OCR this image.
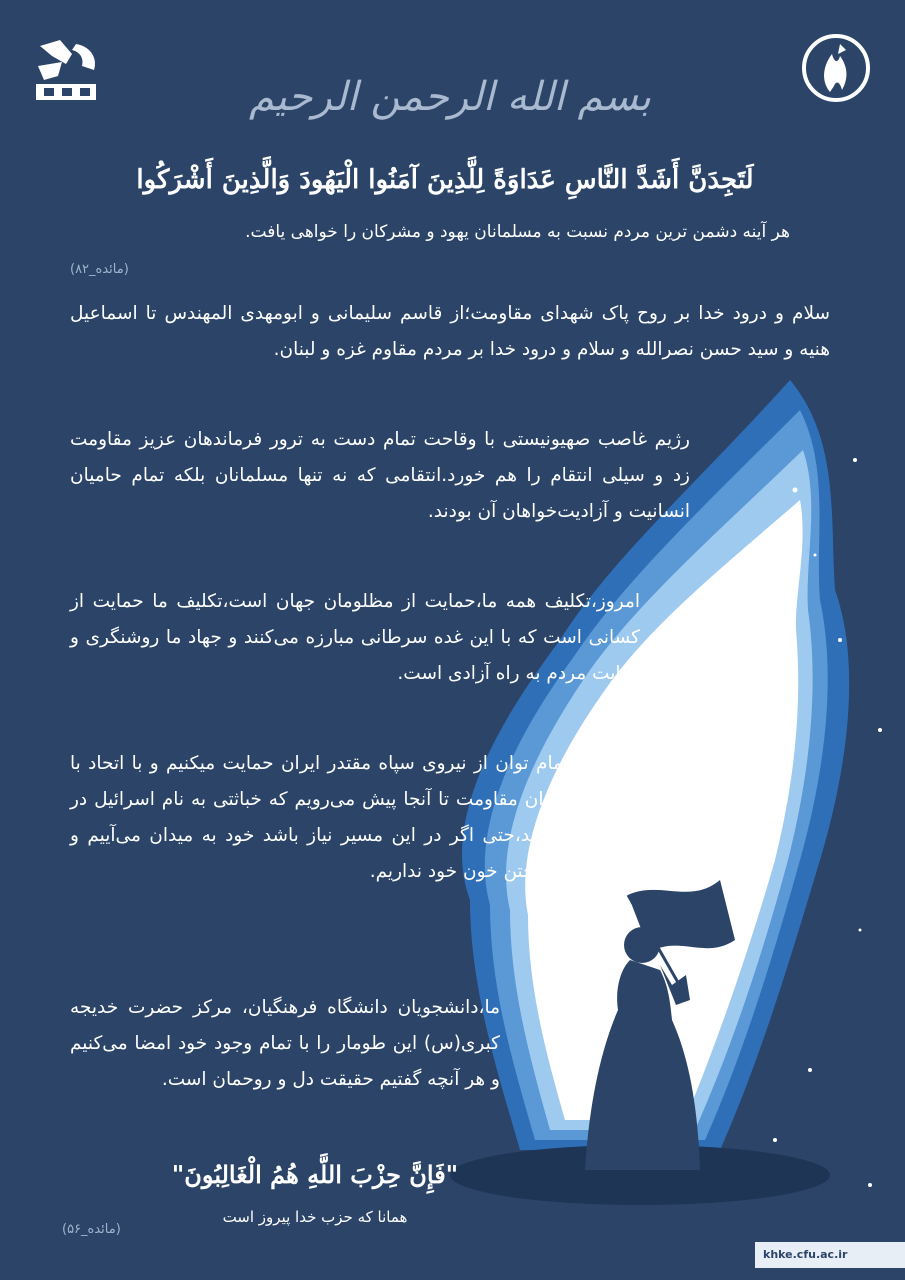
بسم الله الرحمن الرحیم
لَتَجِدَنَّ أَشَدَّ النَّاسِ عَدَاوَةً لِلَّذِينَ آمَنُوا الْيَهُودَ وَالَّذِينَ أَشْرَكُوا
هر آینه دشمن ترین مردم نسبت به مسلمانان یهود و مشرکان را خواهی یافت.
(مائده_۸۲)
سلام و درود خدا بر روح پاک شهدای مقاومت؛از قاسم سلیمانی و ابومهدی المهندس تا اسماعیل هنیه و سید حسن نصرالله و سلام و درود خدا بر مردم مقاوم غزه و لبنان.
رژیم غاصب صهیونیستی با وقاحت تمام دست به ترور فرماندهان عزیز مقاومت زد و سیلی انتقام را هم خورد.انتقامی که نه تنها مسلمانان بلکه تمام حامیان انسانیت و آزادیت‌خواهان آن بودند.
امروز،تکلیف همه ما،حمایت از مظلومان جهان است،تکلیف ما حمایت از کسانی است که با این غده سرطانی مبارزه می‌کنند و جهاد ما روشنگری و هدایت مردم به راه آزادی است.
ما با تمام توان از نیروی سپاه مقتدر ایران حمایت میکنیم و با اتحاد با دیگر سران مقاومت تا آنجا پیش می‌رویم که خباثتی به نام اسرائیل در جهان نباشد،حتی اگر در این مسیر نیاز باشد خود به میدان می‌آییم و باکی از ریختن خون خود نداریم.
ما،دانشجویان دانشگاه فرهنگیان، مرکز حضرت خدیجه کبری(س) این طومار را با تمام وجود خود امضا می‌کنیم و هر آنچه گفتیم حقیقت دل و روحمان است.
"فَإِنَّ حِزْبَ اللَّهِ هُمُ الْغَالِبُونَ"
همانا که حزب خدا پیروز است
(مائده_۵۶)
khke.cfu.ac.ir
